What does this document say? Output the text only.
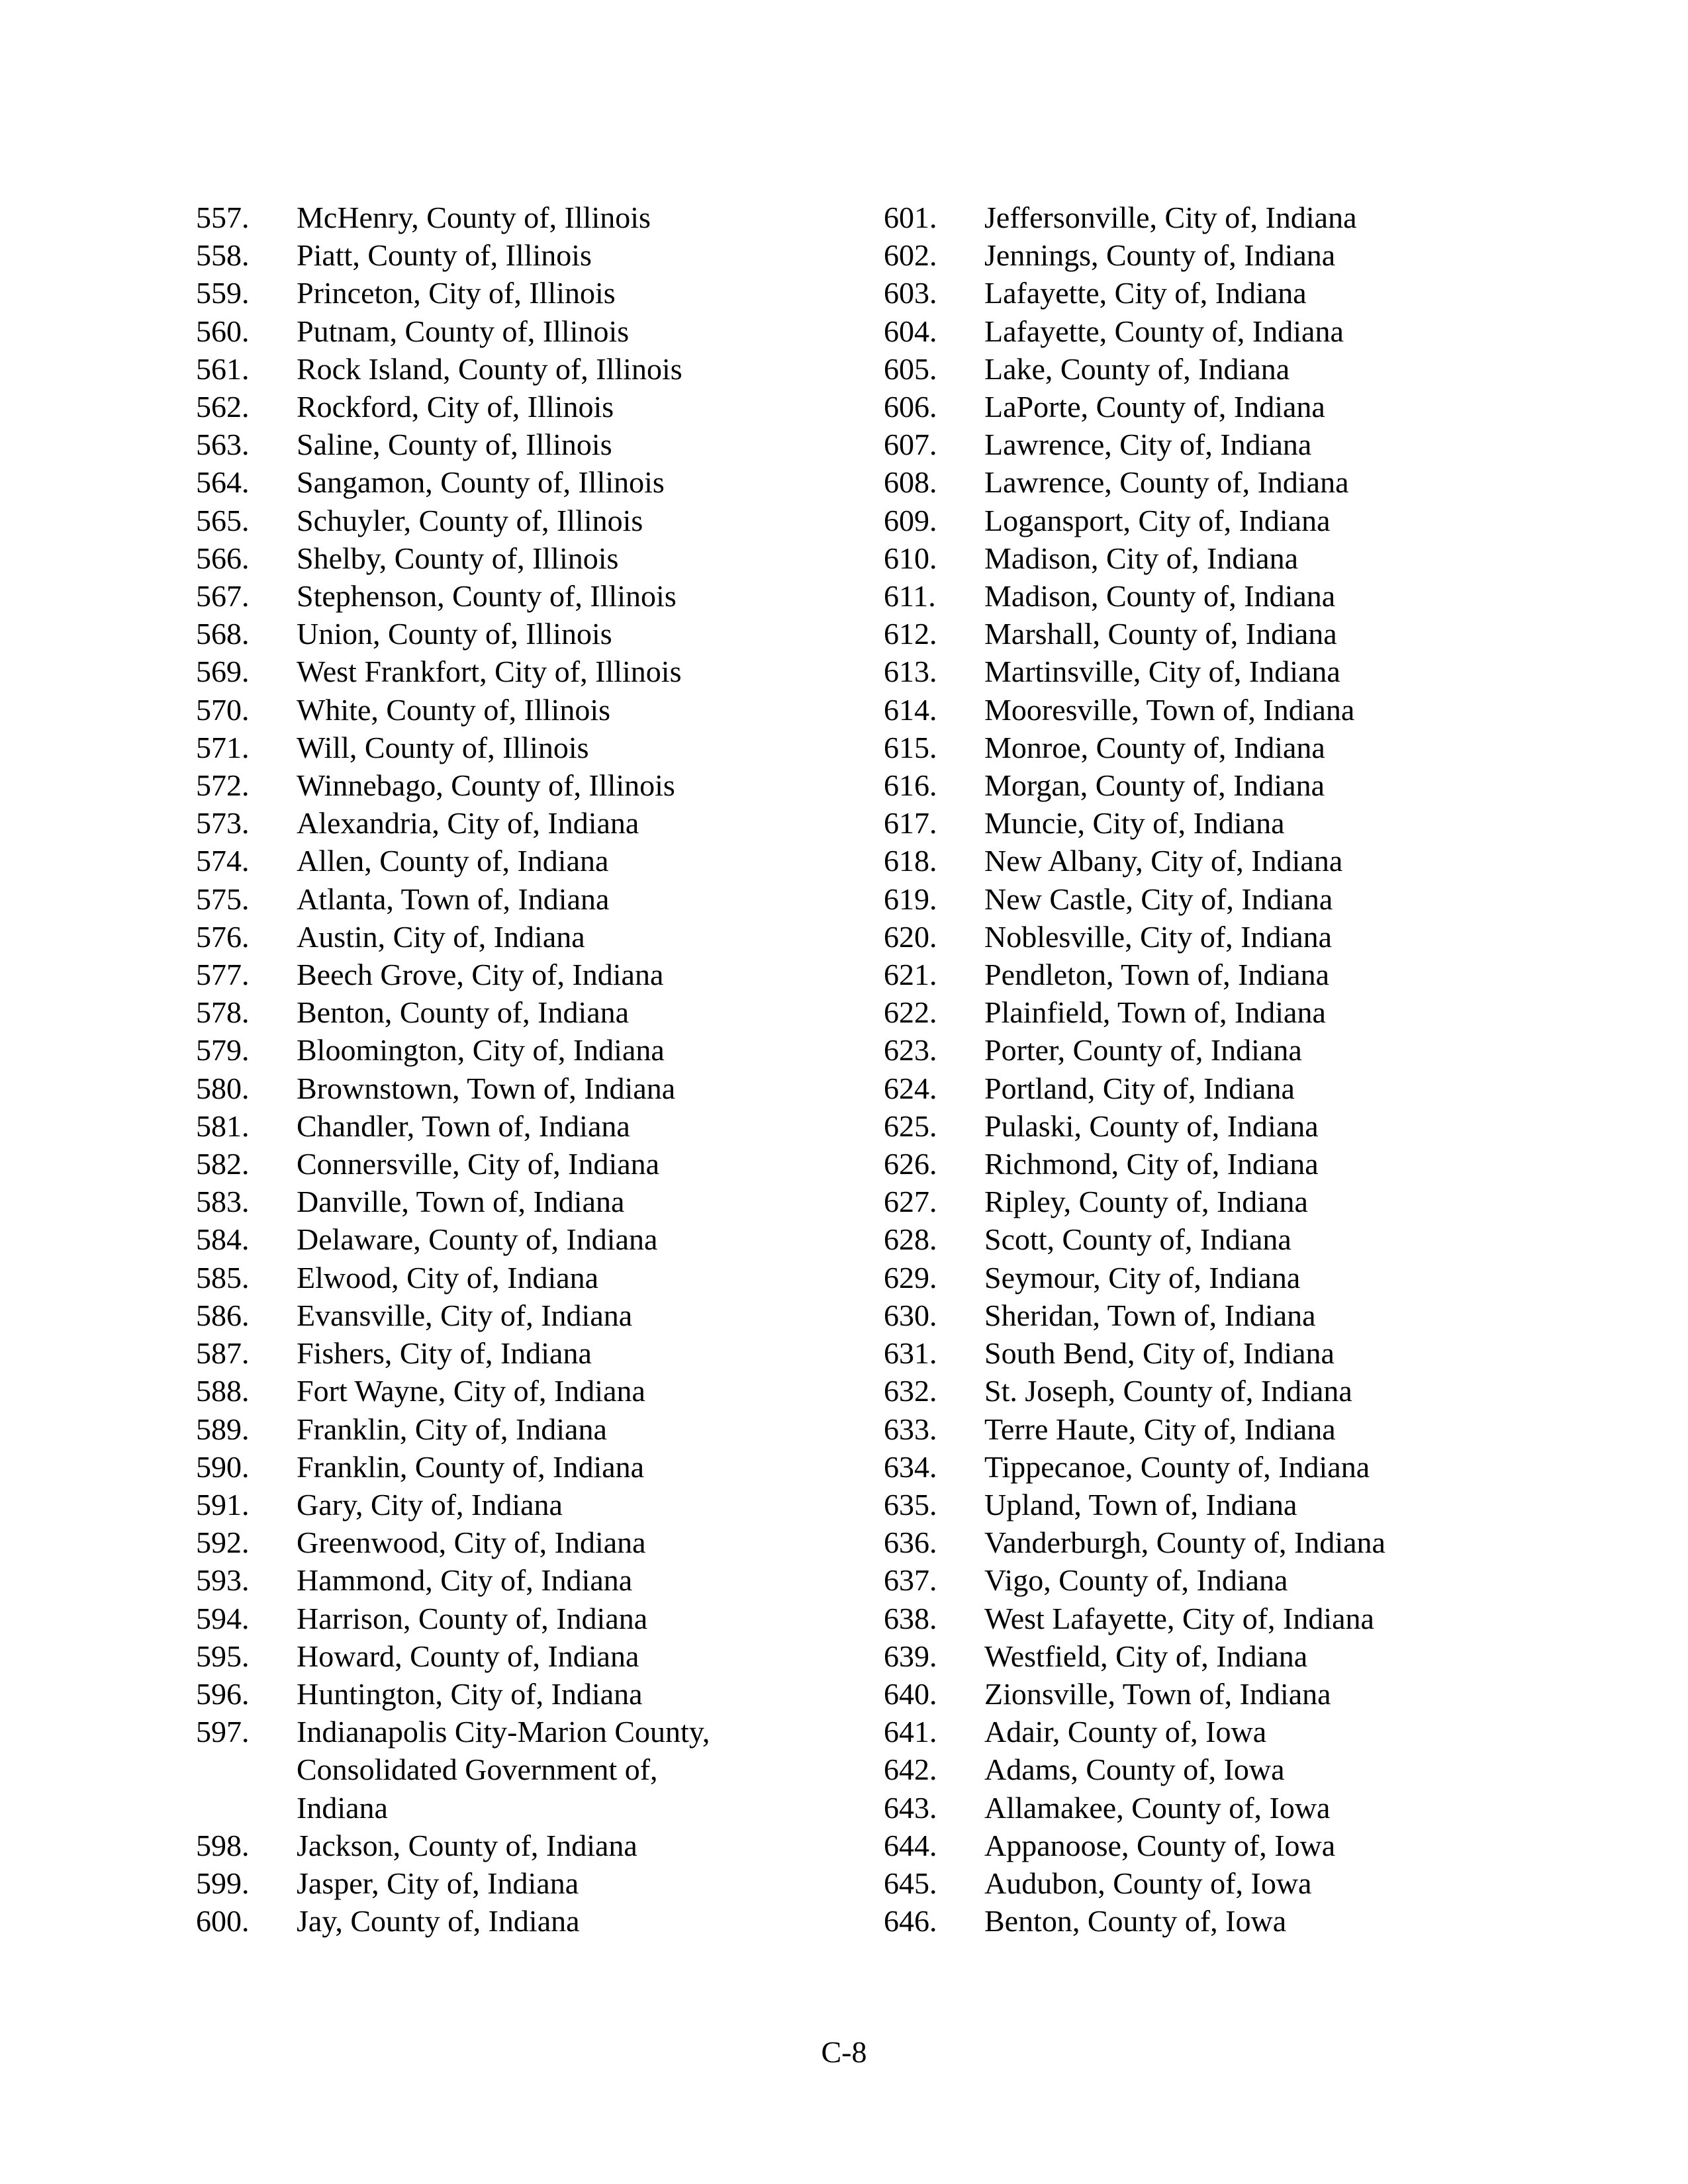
557.	McHenry, County of, Illinois
558.	Piatt, County of, Illinois
559.	Princeton, City of, Illinois
560.	Putnam, County of, Illinois
561.	Rock Island, County of, Illinois
562.	Rockford, City of, Illinois
563.	Saline, County of, Illinois
564.	Sangamon, County of, Illinois
565.	Schuyler, County of, Illinois
566.	Shelby, County of, Illinois
567.	Stephenson, County of, Illinois
568.	Union, County of, Illinois
569.	West Frankfort, City of, Illinois
570.	White, County of, Illinois
571.	Will, County of, Illinois
572.	Winnebago, County of, Illinois
573.	Alexandria, City of, Indiana
574.	Allen, County of, Indiana
575.	Atlanta, Town of, Indiana
576.	Austin, City of, Indiana
577.	Beech Grove, City of, Indiana
578.	Benton, County of, Indiana
579.	Bloomington, City of, Indiana
580.	Brownstown, Town of, Indiana
581.	Chandler, Town of, Indiana
582.	Connersville, City of, Indiana
583.	Danville, Town of, Indiana
584.	Delaware, County of, Indiana
585.	Elwood, City of, Indiana
586.	Evansville, City of, Indiana
587.	Fishers, City of, Indiana
588.	Fort Wayne, City of, Indiana
589.	Franklin, City of, Indiana
590.	Franklin, County of, Indiana
591.	Gary, City of, Indiana
592.	Greenwood, City of, Indiana
593.	Hammond, City of, Indiana
594.	Harrison, County of, Indiana
595.	Howard, County of, Indiana
596.	Huntington, City of, Indiana
597.	Indianapolis City-Marion County,
Consolidated Government of,
Indiana
598.	Jackson, County of, Indiana
599.	Jasper, City of, Indiana
600.	Jay, County of, Indiana
601.	Jeffersonville, City of, Indiana
602.	Jennings, County of, Indiana
603.	Lafayette, City of, Indiana
604.	Lafayette, County of, Indiana
605.	Lake, County of, Indiana
606.	LaPorte, County of, Indiana
607.	Lawrence, City of, Indiana
608.	Lawrence, County of, Indiana
609.	Logansport, City of, Indiana
610.	Madison, City of, Indiana
611.	Madison, County of, Indiana
612.	Marshall, County of, Indiana
613.	Martinsville, City of, Indiana
614.	Mooresville, Town of, Indiana
615.	Monroe, County of, Indiana
616.	Morgan, County of, Indiana
617.	Muncie, City of, Indiana
618.	New Albany, City of, Indiana
619.	New Castle, City of, Indiana
620.	Noblesville, City of, Indiana
621.	Pendleton, Town of, Indiana
622.	Plainfield, Town of, Indiana
623.	Porter, County of, Indiana
624.	Portland, City of, Indiana
625.	Pulaski, County of, Indiana
626.	Richmond, City of, Indiana
627.	Ripley, County of, Indiana
628.	Scott, County of, Indiana
629.	Seymour, City of, Indiana
630.	Sheridan, Town of, Indiana
631.	South Bend, City of, Indiana
632.	St. Joseph, County of, Indiana
633.	Terre Haute, City of, Indiana
634.	Tippecanoe, County of, Indiana
635.	Upland, Town of, Indiana
636.	Vanderburgh, County of, Indiana
637.	Vigo, County of, Indiana
638.	West Lafayette, City of, Indiana
639.	Westfield, City of, Indiana
640.	Zionsville, Town of, Indiana
641.	Adair, County of, Iowa
642.	Adams, County of, Iowa
643.	Allamakee, County of, Iowa
644.	Appanoose, County of, Iowa
645.	Audubon, County of, Iowa
646.	Benton, County of, Iowa
C-8
